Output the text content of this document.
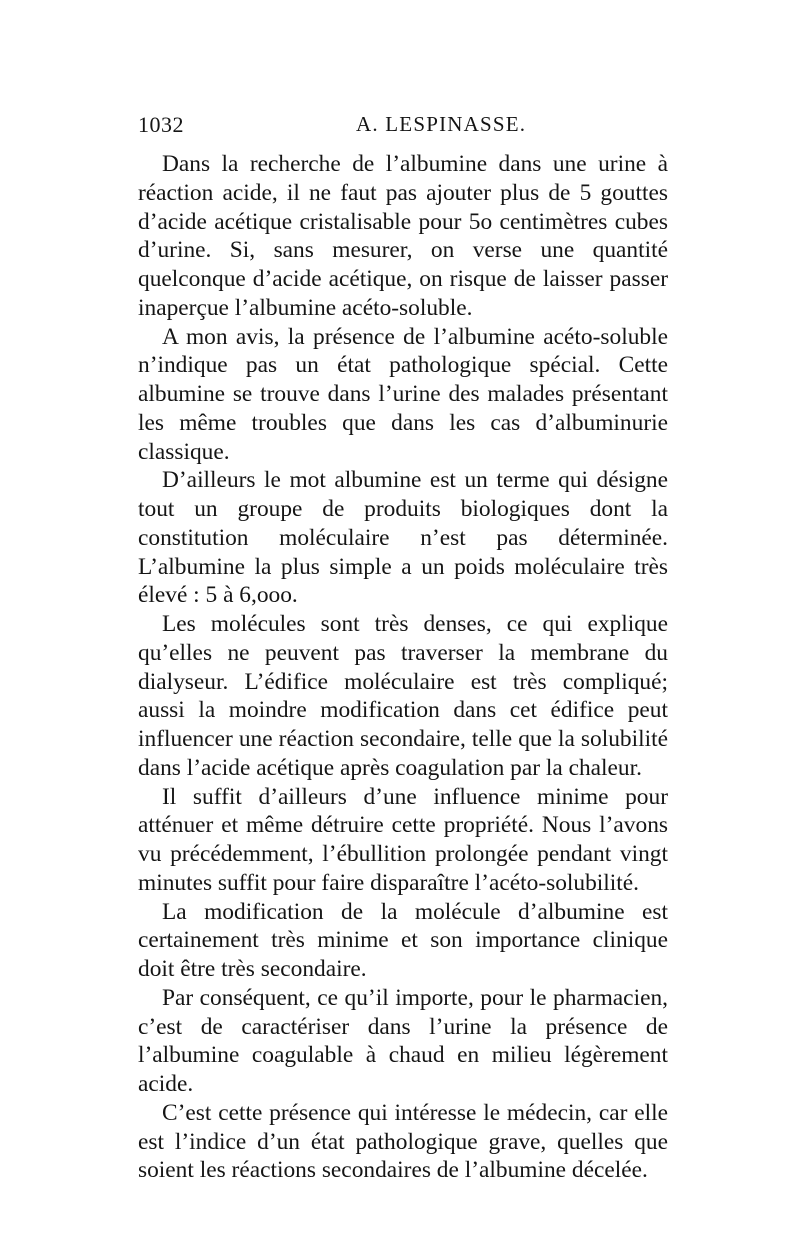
1032	A. LESPINASSE.

Dans la recherche de l’albumine dans une urine à réaction acide, il ne faut pas ajouter plus de 5 gouttes d’acide acétique cristalisable pour 5o centimètres cubes d’urine. Si, sans mesurer, on verse une quantité quelconque d’acide acétique, on risque de laisser passer inaperçue l’albumine acéto-soluble.

A mon avis, la présence de l’albumine acéto-soluble n’indique pas un état pathologique spécial. Cette albumine se trouve dans l’urine des malades présentant les même troubles que dans les cas d’albuminurie classique.

D’ailleurs le mot albumine est un terme qui désigne tout un groupe de produits biologiques dont la constitution moléculaire n’est pas déterminée. L’albumine la plus simple a un poids moléculaire très élevé : 5 à 6,ooo.

Les molécules sont très denses, ce qui explique qu’elles ne peuvent pas traverser la membrane du dialyseur. L’édifice moléculaire est très compliqué; aussi la moindre modification dans cet édifice peut influencer une réaction secondaire, telle que la solubilité dans l’acide acétique après coagulation par la chaleur.

Il suffit d’ailleurs d’une influence minime pour atténuer et même détruire cette propriété. Nous l’avons vu précédemment, l’ébullition prolongée pendant vingt minutes suffit pour faire disparaître l’acéto-solubilité.

La modification de la molécule d’albumine est certainement très minime et son importance clinique doit être très secondaire.

Par conséquent, ce qu’il importe, pour le pharmacien, c’est de caractériser dans l’urine la présence de l’albumine coagulable à chaud en milieu légèrement acide.

C’est cette présence qui intéresse le médecin, car elle est l’indice d’un état pathologique grave, quelles que soient les réactions secondaires de l’albumine décelée.
